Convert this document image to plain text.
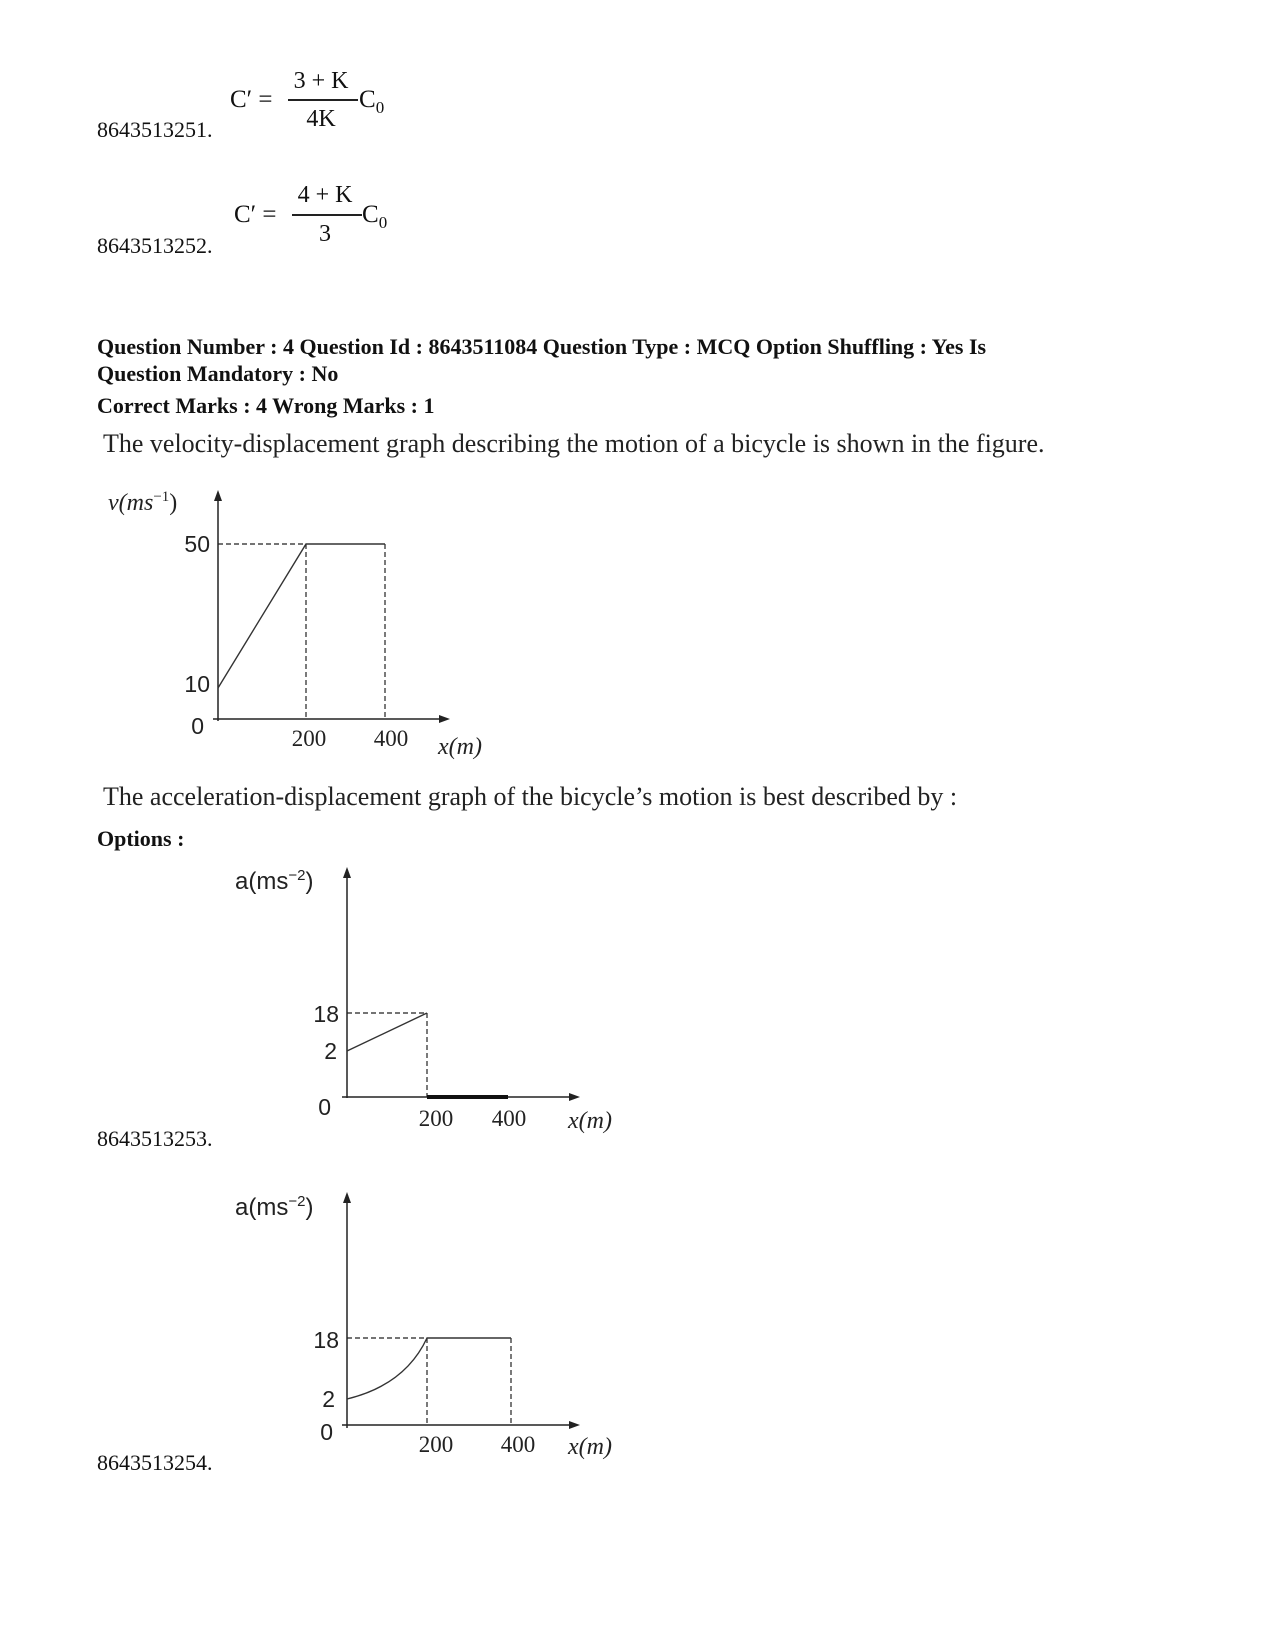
C′ =
3 + K
4K
$C_0$
8643513251.
C′ =
4 + K
3
$C_0$
8643513252.
Question Number : 4 Question Id : 8643511084 Question Type : MCQ Option Shuffling : Yes Is
Question Mandatory : No
Correct Marks : 4 Wrong Marks : 1
The velocity-displacement graph describing the motion of a bicycle is shown in the figure.
$v(ms^{-1})$
50
10
0	200 400 x(m)
The acceleration-displacement graph of the bicycle’s motion is best described by :
Options :
$a(ms^{-2})$
18
2
0	200 400 x(m)
8643513253.
$a(ms^{-2})$
18
2
0	200 400 x(m)
8643513254.
